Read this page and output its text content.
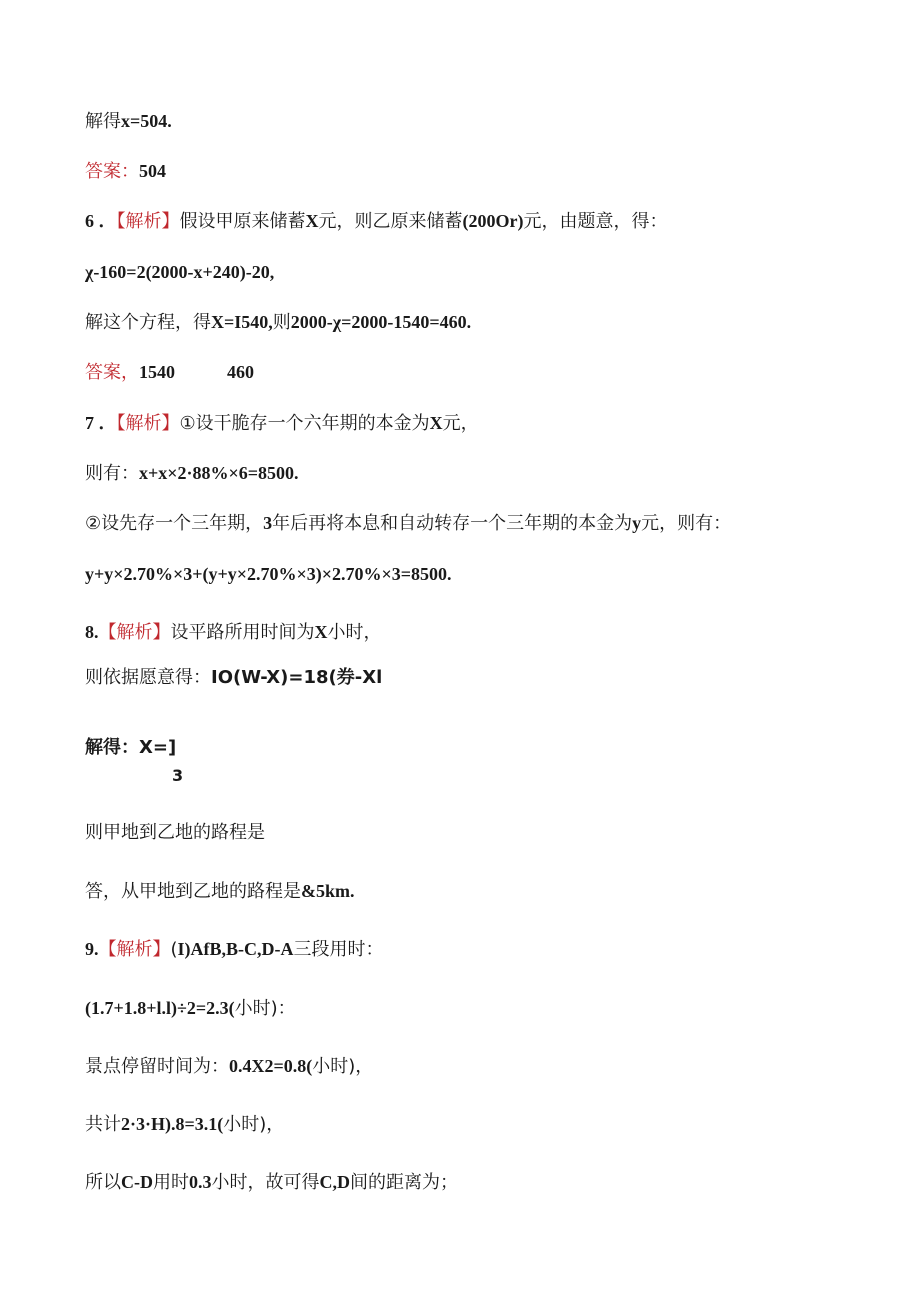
解得x=504.
答案：504
6 ．【解析】假设甲原来储蓄X元，则乙原来储蓄(200Or)元，由题意，得：
χ-160=2(2000-x+240)-20,
解这个方程，得X=I540,则2000-χ=2000-1540=460.
答案，1540	460
7 ．【解析】①设干脆存一个六年期的本金为X元，
则有：x+x×2·88%×6=8500.
②设先存一个三年期，3年后再将本息和自动转存一个三年期的本金为y元，则有：
y+y×2.70%×3+(y+y×2.70%×3)×2.70%×3=8500.
8.【解析】设平路所用时间为X小时，
则依据愿意得：IO(W-X)=18(券-Xl
解得：X=]
3
则甲地到乙地的路程是
答，从甲地到乙地的路程是&5km.
9.【解析】(I)AfB,B-C,D-A三段用时：
(1.7+1.8+l.l)÷2=2.3(小时)：
景点停留时间为：0.4X2=0.8(小时)，
共计2·3·H).8=3.1(小时)，
所以C-D用时0.3小时，故可得C,D间的距离为；
